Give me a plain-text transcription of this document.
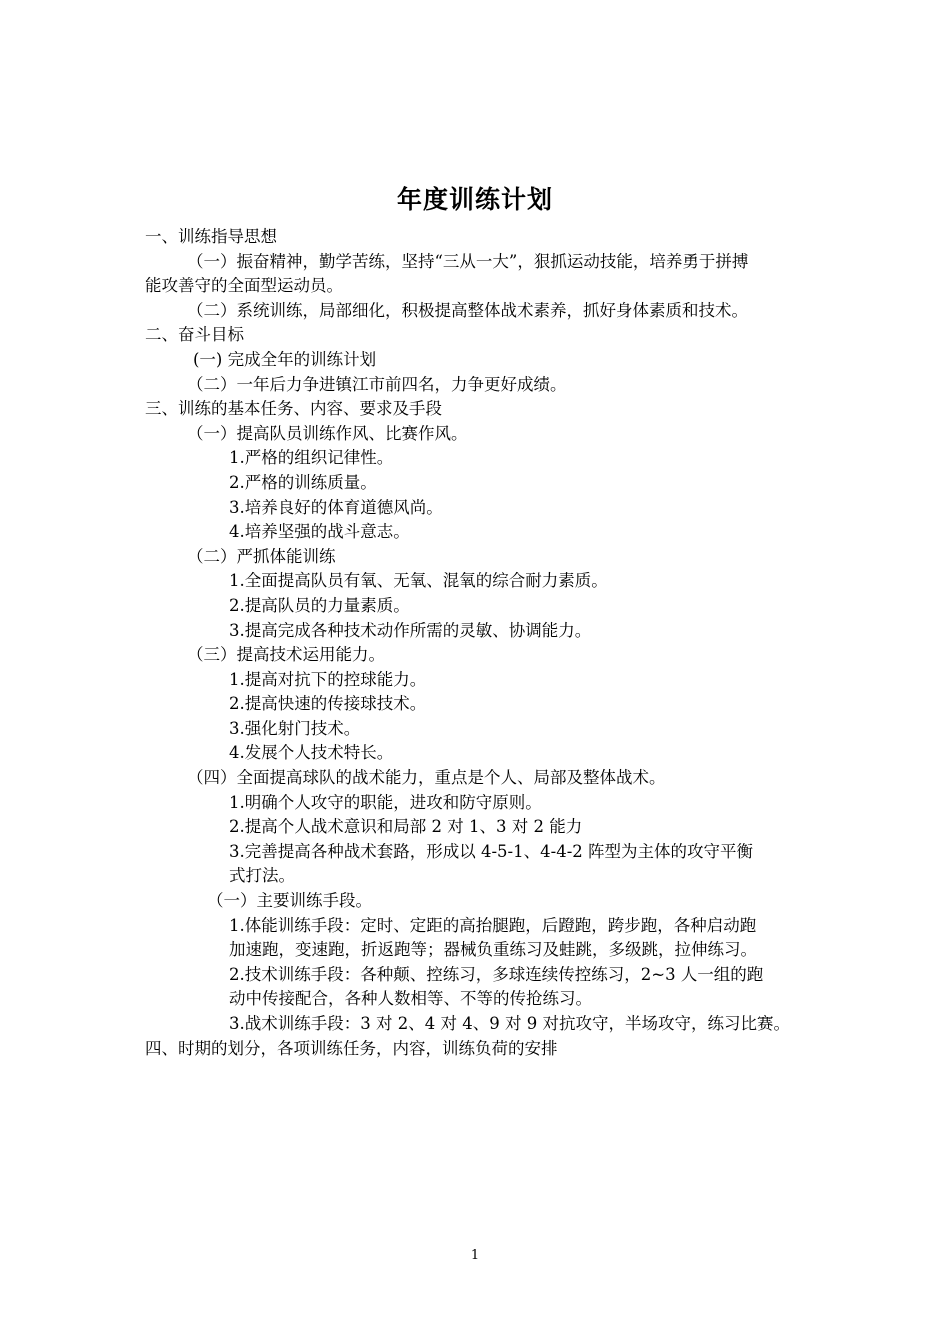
年度训练计划
一、训练指导思想
（一）振奋精神，勤学苦练，坚持“三从一大”，狠抓运动技能，培养勇于拼搏
能攻善守的全面型运动员。
（二）系统训练，局部细化，积极提高整体战术素养，抓好身体素质和技术。
二、奋斗目标
(一) 完成全年的训练计划
（二）一年后力争进镇江市前四名，力争更好成绩。
三、训练的基本任务、内容、要求及手段
（一）提高队员训练作风、比赛作风。
1.严格的组织记律性。
2.严格的训练质量。
3.培养良好的体育道德风尚。
4.培养坚强的战斗意志。
（二）严抓体能训练
1.全面提高队员有氧、无氧、混氧的综合耐力素质。
2.提高队员的力量素质。
3.提高完成各种技术动作所需的灵敏、协调能力。
（三）提高技术运用能力。
1.提高对抗下的控球能力。
2.提高快速的传接球技术。
3.强化射门技术。
4.发展个人技术特长。
（四）全面提高球队的战术能力，重点是个人、局部及整体战术。
1.明确个人攻守的职能，进攻和防守原则。
2.提高个人战术意识和局部 2 对 1、3 对 2 能力
3.完善提高各种战术套路，形成以 4-5-1、4-4-2 阵型为主体的攻守平衡
式打法。
（一）主要训练手段。
1.体能训练手段：定时、定距的高抬腿跑，后蹬跑，跨步跑，各种启动跑
加速跑，变速跑，折返跑等；器械负重练习及蛙跳，多级跳，拉伸练习。
2.技术训练手段：各种颠、控练习，多球连续传控练习，2~3 人一组的跑
动中传接配合，各种人数相等、不等的传抢练习。
3.战术训练手段：3 对 2、4 对 4、9 对 9 对抗攻守，半场攻守，练习比赛。
四、时期的划分，各项训练任务，内容，训练负荷的安排
1
